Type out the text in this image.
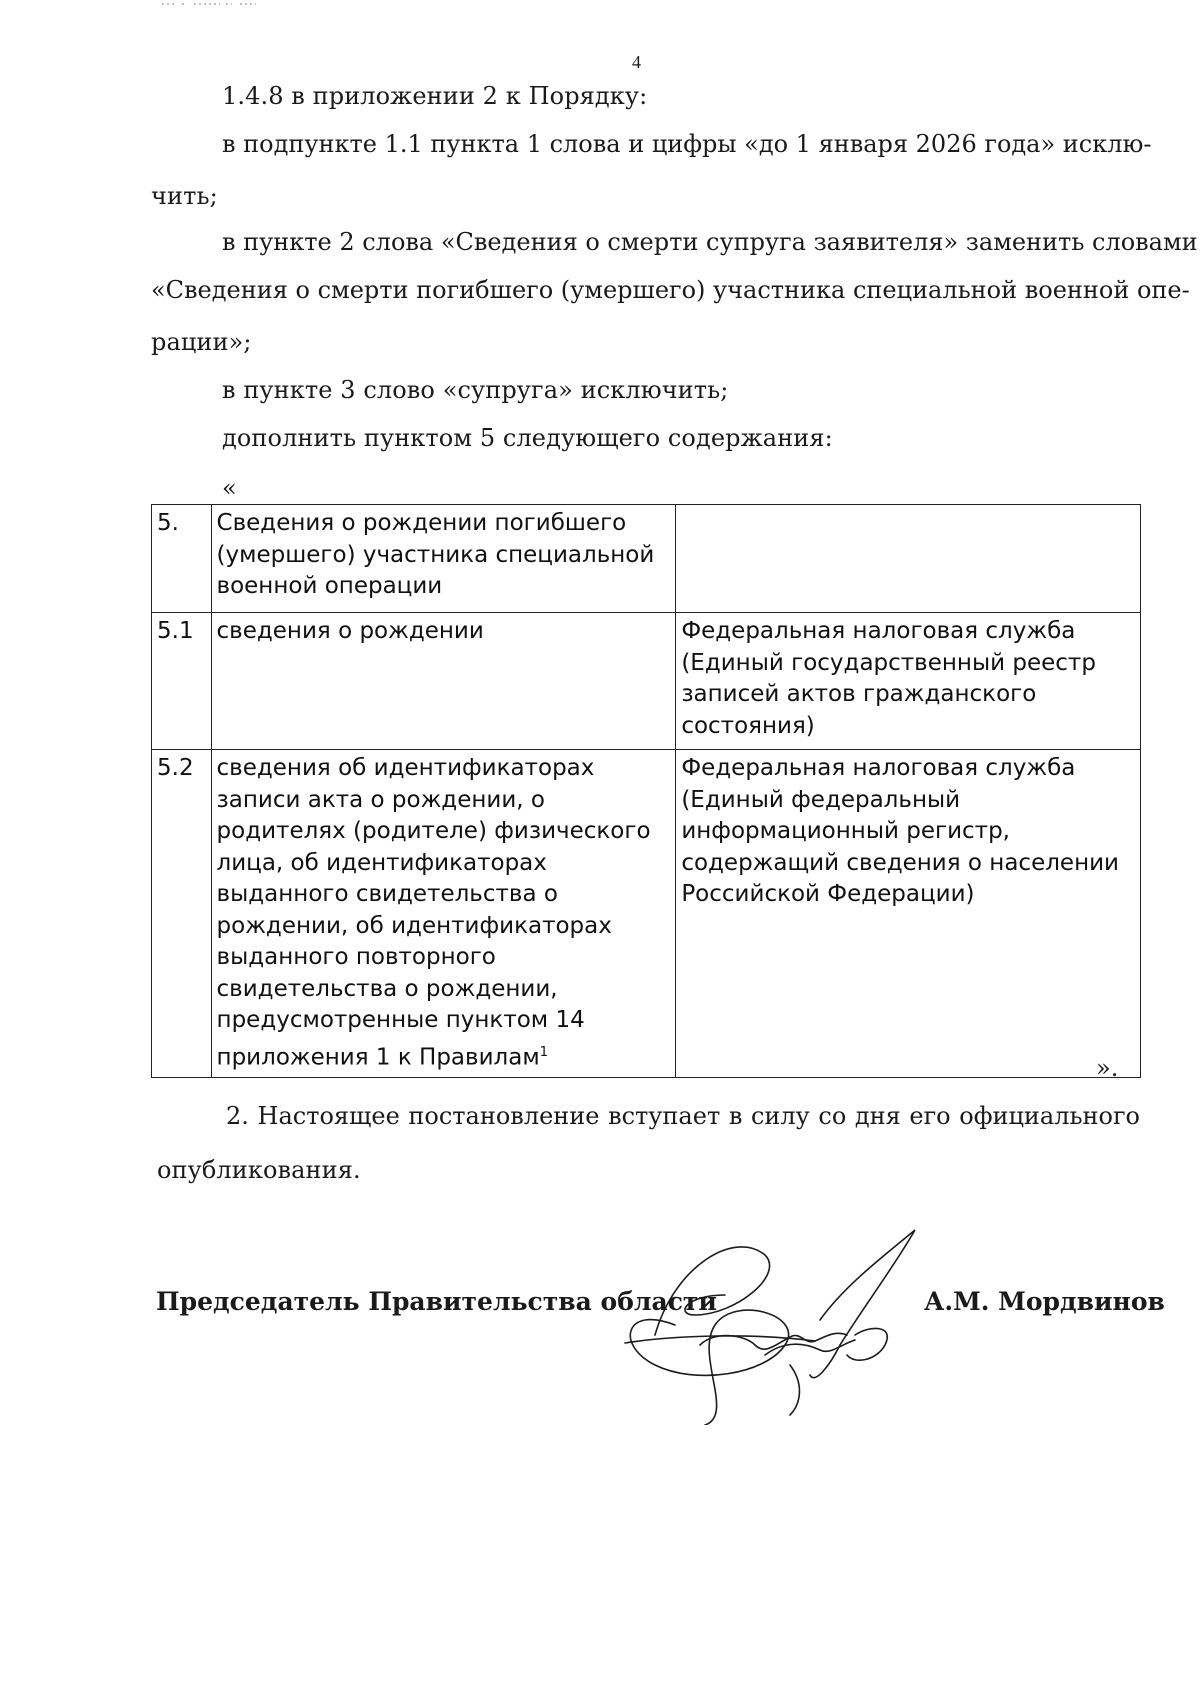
4
1.4.8 в приложении 2 к Порядку:
в подпункте 1.1 пункта 1 слова и цифры «до 1 января 2026 года» исклю-
чить;
в пункте 2 слова «Сведения о смерти супруга заявителя» заменить словами
«Сведения о смерти погибшего (умершего) участника специальной военной опе-
рации»;
в пункте 3 слово «супруга» исключить;
дополнить пунктом 5 следующего содержания:
«
5.	Сведения о рождении погибшего (умершего) участника специальной военной операции	
5.1	сведения о рождении	Федеральная налоговая служба (Единый государственный реестр записей актов гражданского состояния)
5.2	сведения об идентификаторах записи акта о рождении, о родителях (родителе) физического лица, об идентификаторах выданного свидетельства о рождении, об идентификаторах выданного повторного свидетельства о рождении, предусмотренные пунктом 14 приложения 1 к Правилам$^1$	Федеральная налоговая служба (Единый федеральный информационный регистр, содержащий сведения о населении Российской Федерации)
».
2. Настоящее постановление вступает в силу со дня его официального
опубликования.
Председатель Правительства области	А.М. Мордвинов
